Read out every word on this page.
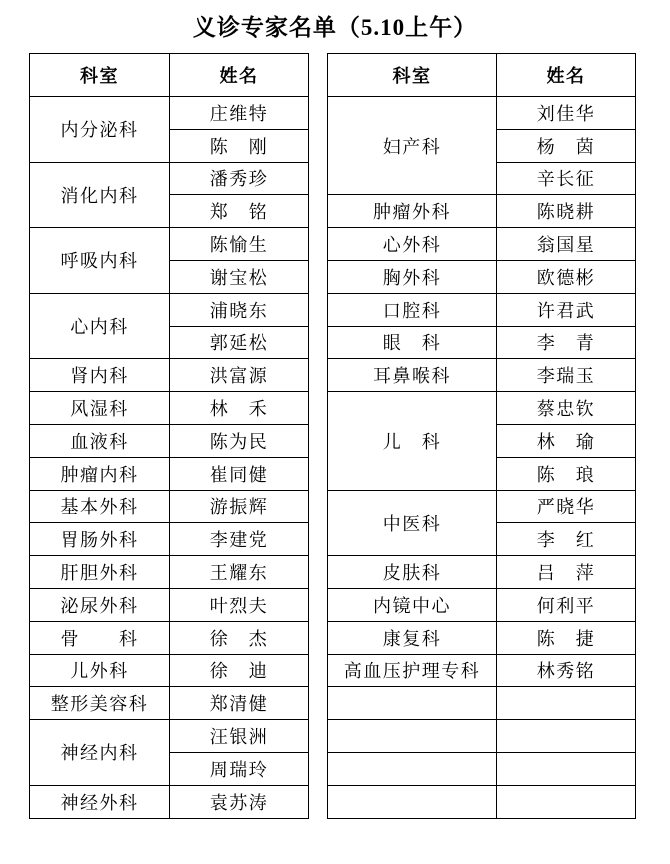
义诊专家名单（5.10上午）
科室	姓名
内分泌科	庄维特
	陈　刚
消化内科	潘秀珍
	郑　铭
呼吸内科	陈愉生
	谢宝松
心内科	浦晓东
	郭延松
肾内科	洪富源
风湿科	林　禾
血液科	陈为民
肿瘤内科	崔同健
基本外科	游振辉
胃肠外科	李建党
肝胆外科	王耀东
泌尿外科	叶烈夫
骨　　科	徐　杰
儿外科	徐　迪
整形美容科	郑清健
神经内科	汪银洲
	周瑞玲
神经外科	袁苏涛
科室	姓名
妇产科	刘佳华
	杨　茵
	辛长征
肿瘤外科	陈晓耕
心外科	翁国星
胸外科	欧德彬
口腔科	许君武
眼　科	李　青
耳鼻喉科	李瑞玉
儿　科	蔡忠钦
	林　瑜
	陈　琅
中医科	严晓华
	李　红
皮肤科	吕　萍
内镜中心	何利平
康复科	陈　捷
高血压护理专科	林秀铭
